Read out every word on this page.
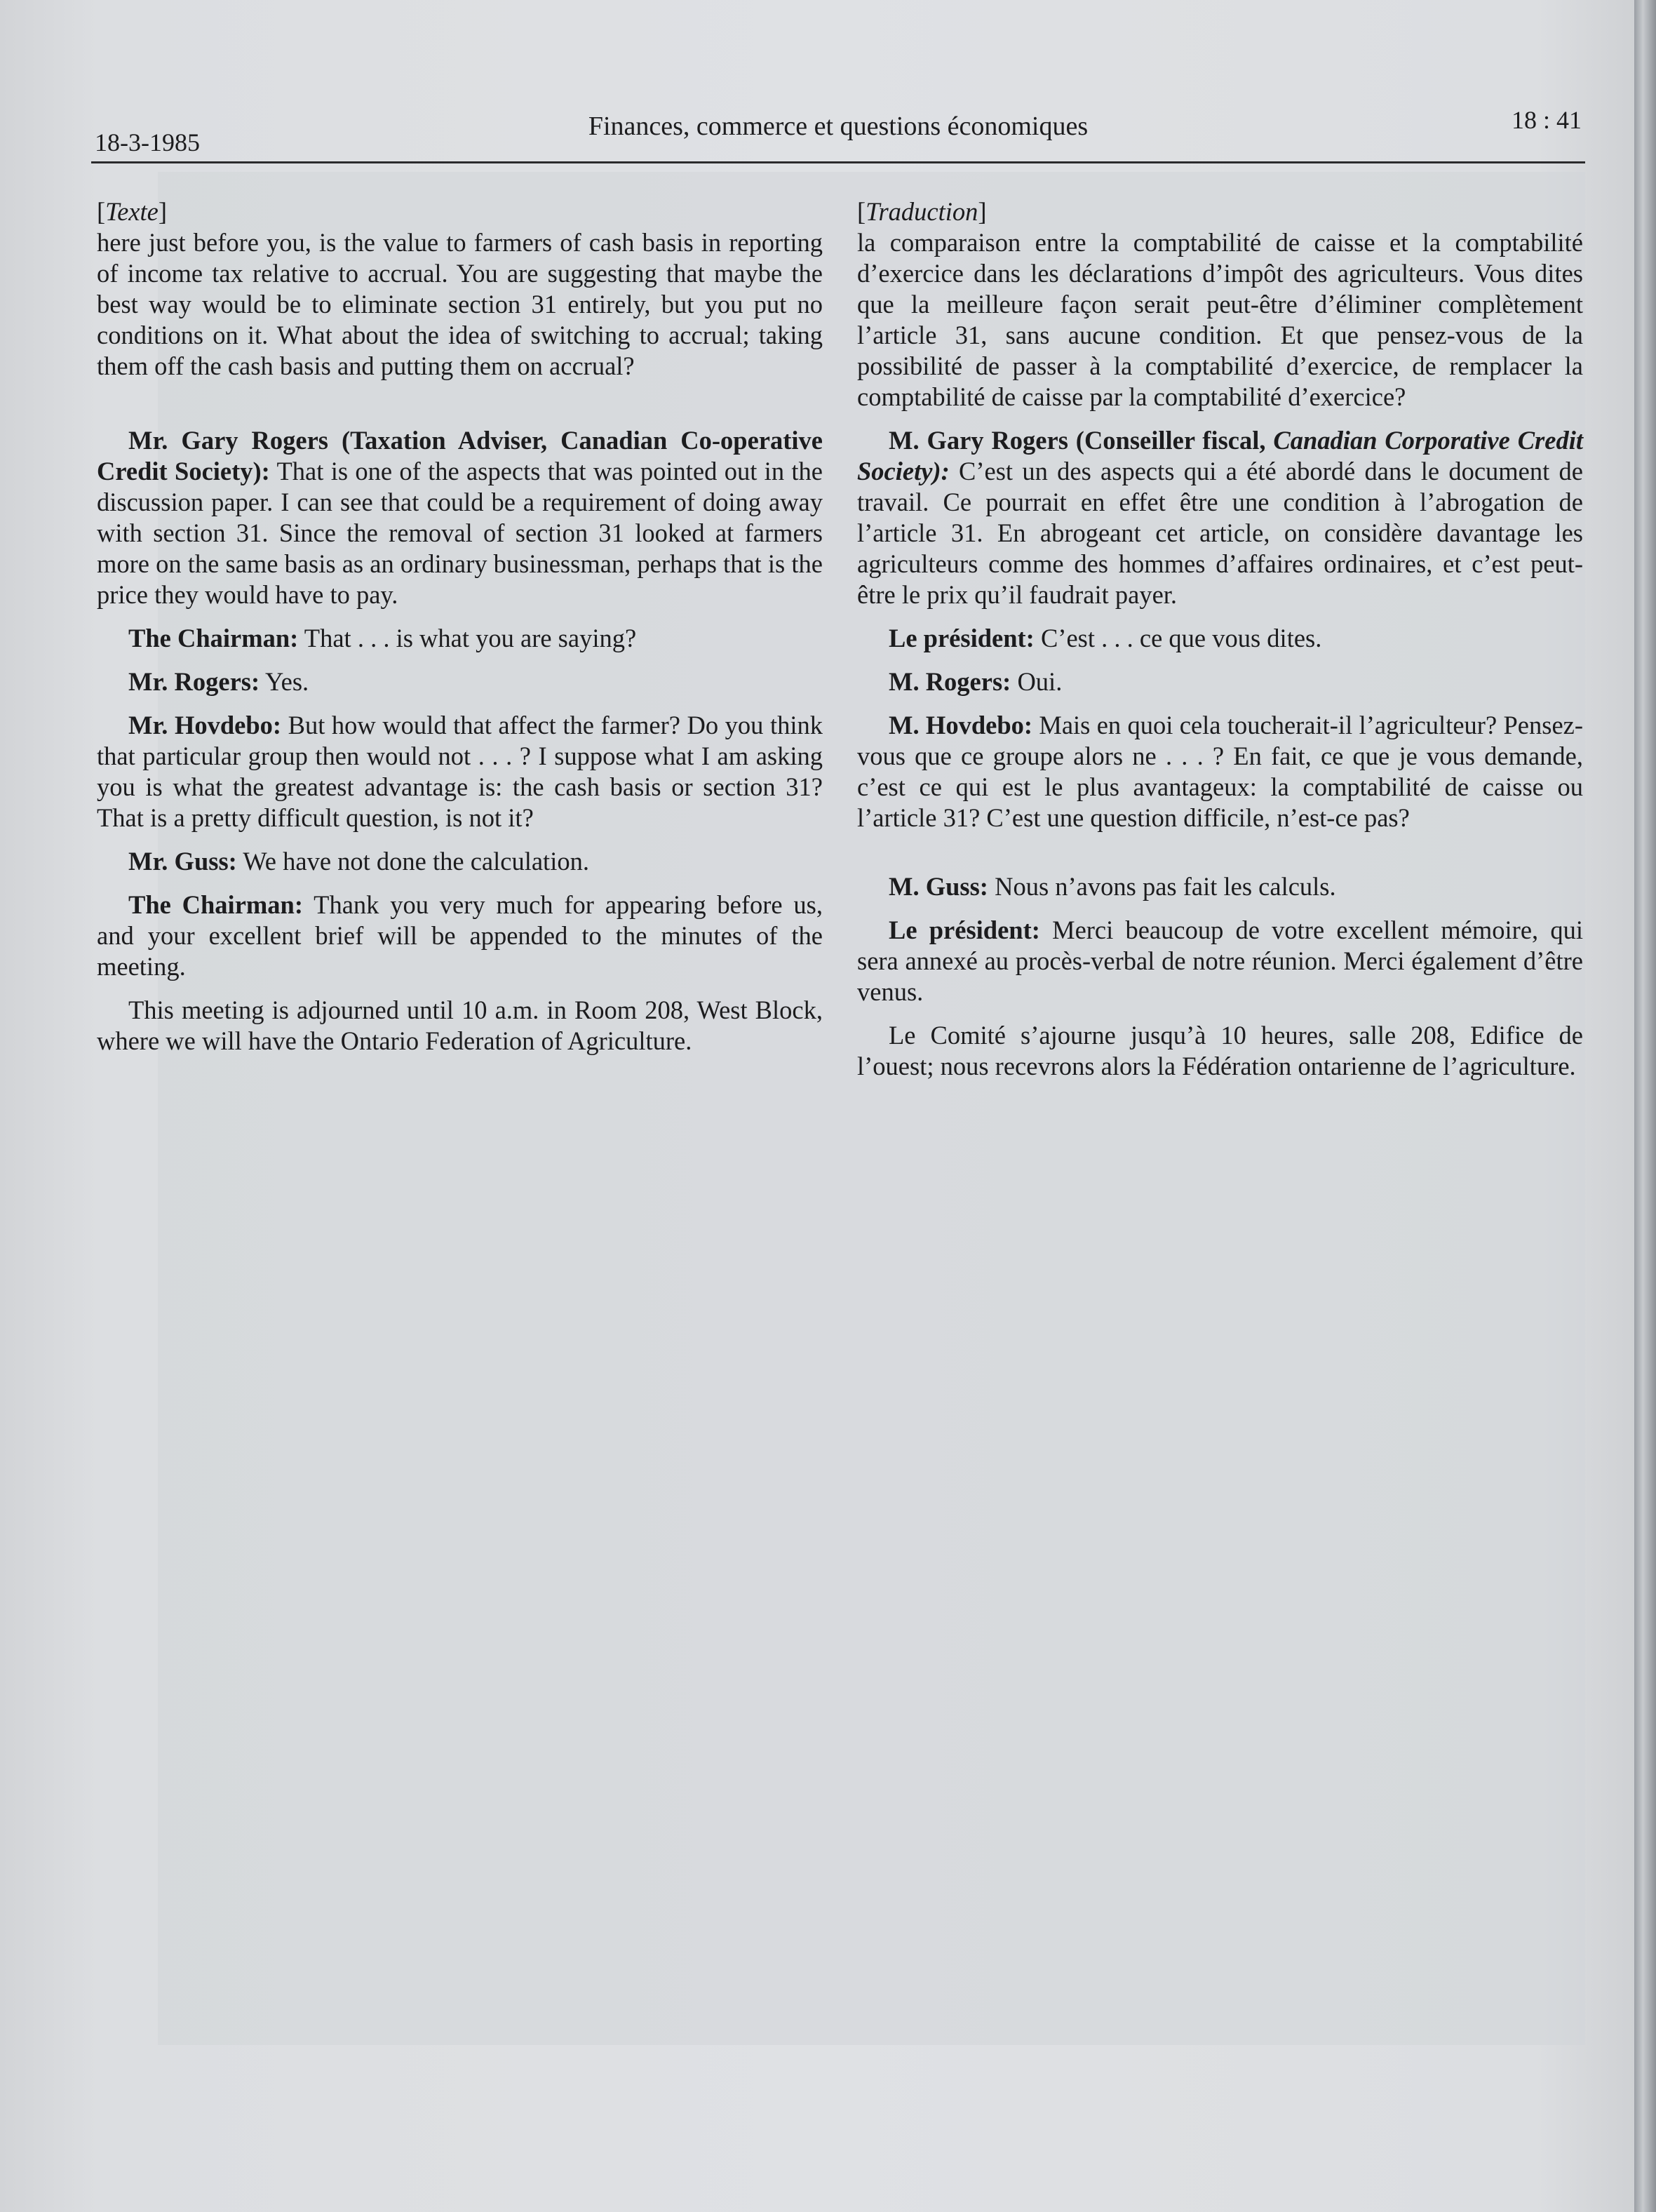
18-3-1985
Finances, commerce et questions économiques	18 : 41

[Texte]

here just before you, is the value to farmers of cash basis in reporting of income tax relative to accrual. You are suggesting that maybe the best way would be to eliminate section 31 entirely, but you put no conditions on it. What about the idea of switching to accrual; taking them off the cash basis and putting them on accrual?

Mr. Gary Rogers (Taxation Adviser, Canadian Co-operative Credit Society): That is one of the aspects that was pointed out in the discussion paper. I can see that could be a requirement of doing away with section 31. Since the removal of section 31 looked at farmers more on the same basis as an ordinary businessman, perhaps that is the price they would have to pay.

The Chairman: That . . . is what you are saying?

Mr. Rogers: Yes.

Mr. Hovdebo: But how would that affect the farmer? Do you think that particular group then would not . . . ? I suppose what I am asking you is what the greatest advantage is: the cash basis or section 31? That is a pretty difficult question, is not it?

Mr. Guss: We have not done the calculation.

The Chairman: Thank you very much for appearing before us, and your excellent brief will be appended to the minutes of the meeting.

This meeting is adjourned until 10 a.m. in Room 208, West Block, where we will have the Ontario Federation of Agriculture.

[Traduction]

la comparaison entre la comptabilité de caisse et la comptabilité d’exercice dans les déclarations d’impôt des agriculteurs. Vous dites que la meilleure façon serait peut-être d’éliminer complètement l’article 31, sans aucune condition. Et que pensez-vous de la possibilité de passer à la comptabilité d’exercice, de remplacer la comptabilité de caisse par la comptabilité d’exercice?

M. Gary Rogers (Conseiller fiscal, Canadian Corporative Credit Society): C’est un des aspects qui a été abordé dans le document de travail. Ce pourrait en effet être une condition à l’abrogation de l’article 31. En abrogeant cet article, on considère davantage les agriculteurs comme des hommes d’affaires ordinaires, et c’est peut-être le prix qu’il faudrait payer.

Le président: C’est . . . ce que vous dites.

M. Rogers: Oui.

M. Hovdebo: Mais en quoi cela toucherait-il l’agriculteur? Pensez-vous que ce groupe alors ne . . . ? En fait, ce que je vous demande, c’est ce qui est le plus avantageux: la comptabilité de caisse ou l’article 31? C’est une question difficile, n’est-ce pas?

M. Guss: Nous n’avons pas fait les calculs.

Le président: Merci beaucoup de votre excellent mémoire, qui sera annexé au procès-verbal de notre réunion. Merci également d’être venus.

Le Comité s’ajourne jusqu’à 10 heures, salle 208, Edifice de l’ouest; nous recevrons alors la Fédération ontarienne de l’agriculture.
